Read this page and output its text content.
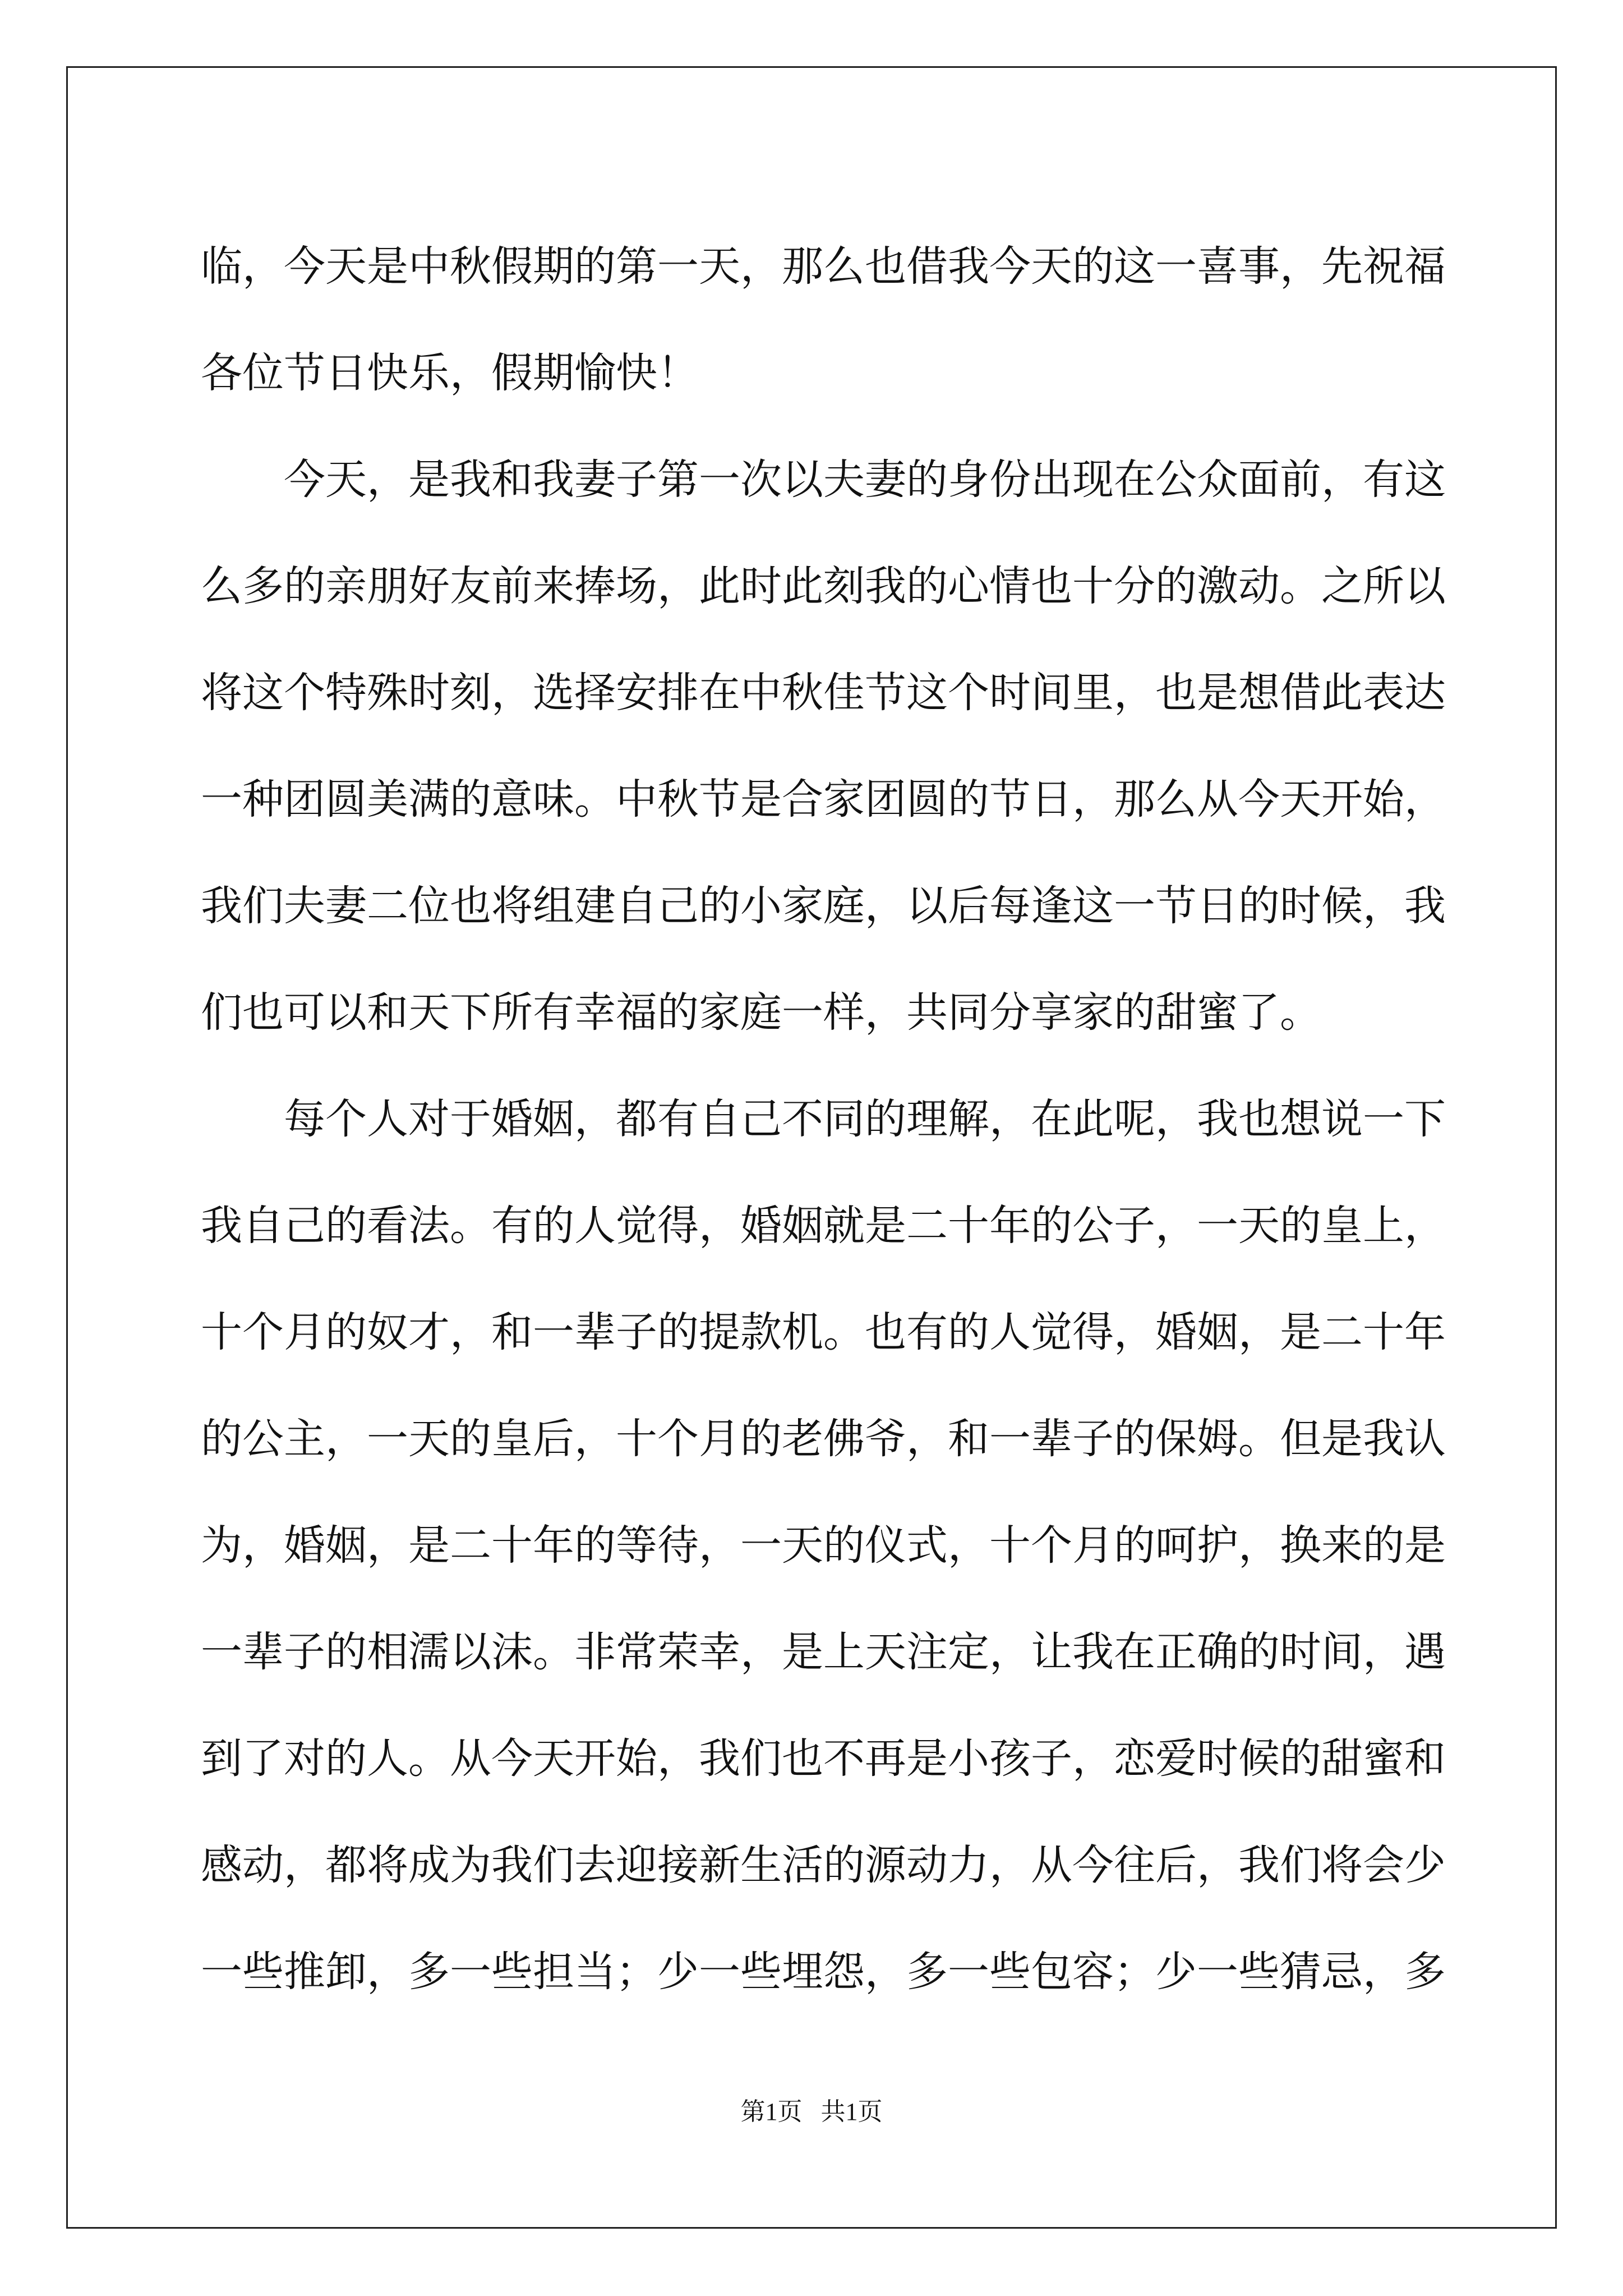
临，今天是中秋假期的第一天，那么也借我今天的这一喜事，先祝福
各位节日快乐，假期愉快！
今天，是我和我妻子第一次以夫妻的身份出现在公众面前，有这
么多的亲朋好友前来捧场，此时此刻我的心情也十分的激动。之所以
将这个特殊时刻，选择安排在中秋佳节这个时间里，也是想借此表达
一种团圆美满的意味。中秋节是合家团圆的节日，那么从今天开始，
我们夫妻二位也将组建自己的小家庭，以后每逢这一节日的时候，我
们也可以和天下所有幸福的家庭一样，共同分享家的甜蜜了。
每个人对于婚姻，都有自己不同的理解，在此呢，我也想说一下
我自己的看法。有的人觉得，婚姻就是二十年的公子，一天的皇上，
十个月的奴才，和一辈子的提款机。也有的人觉得，婚姻，是二十年
的公主，一天的皇后，十个月的老佛爷，和一辈子的保姆。但是我认
为，婚姻，是二十年的等待，一天的仪式，十个月的呵护，换来的是
一辈子的相濡以沫。非常荣幸，是上天注定，让我在正确的时间，遇
到了对的人。从今天开始，我们也不再是小孩子，恋爱时候的甜蜜和
感动，都将成为我们去迎接新生活的源动力，从今往后，我们将会少
一些推卸，多一些担当；少一些埋怨，多一些包容；少一些猜忌，多
第1页 共1页
